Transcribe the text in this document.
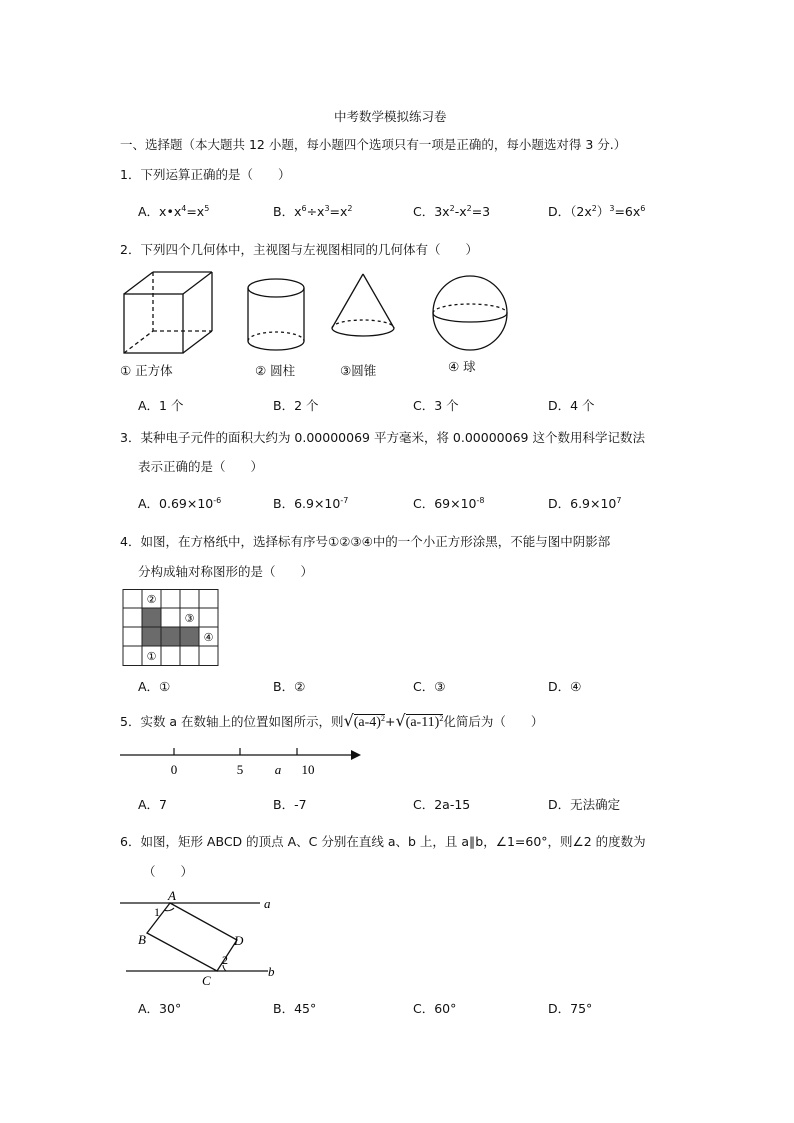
中考数学模拟练习卷
一、选择题（本大题共 12 小题，每小题四个选项只有一项是正确的，每小题选对得 3 分.）
1．下列运算正确的是（　　）
A．$x•x^4=x^5$	B．$x^6\div x^3=x^2$	C．$3x^2-x^2=3$	D．$(2x^2)^3=6x^6$
2．下列四个几何体中，主视图与左视图相同的几何体有（　　）
① 正方体	② 圆柱	③圆锥	④ 球
A．1 个	B．2 个	C．3 个	D．4 个
3．某种电子元件的面积大约为 0.00000069 平方毫米，将 0.00000069 这个数用科学记数法
表示正确的是（　　）
A．$0.69\times 10^{-6}$	B．$6.9\times 10^{-7}$	C．$69\times 10^{-8}$	D．$6.9\times 10^7$
4．如图，在方格纸中，选择标有序号①②③④中的一个小正方形涂黑，不能与图中阴影部
分构成轴对称图形的是（　　）
②
③
④
①
A．①	B．②	C．③	D．④
5．实数 a 在数轴上的位置如图所示，则$√(a-4)^2+√(a-11)^2$化简后为（　　）
0	5 a 10
A．7	B．-7	C．2a-15	D．无法确定
6．如图，矩形 ABCD 的顶点 A、C 分别在直线 a、b 上，且 a∥b，∠1=60°，则∠2 的度数为
（　　）
A
B
C
D
a
b
1
2
A．30°	B．45°	C．60°	D．75°
